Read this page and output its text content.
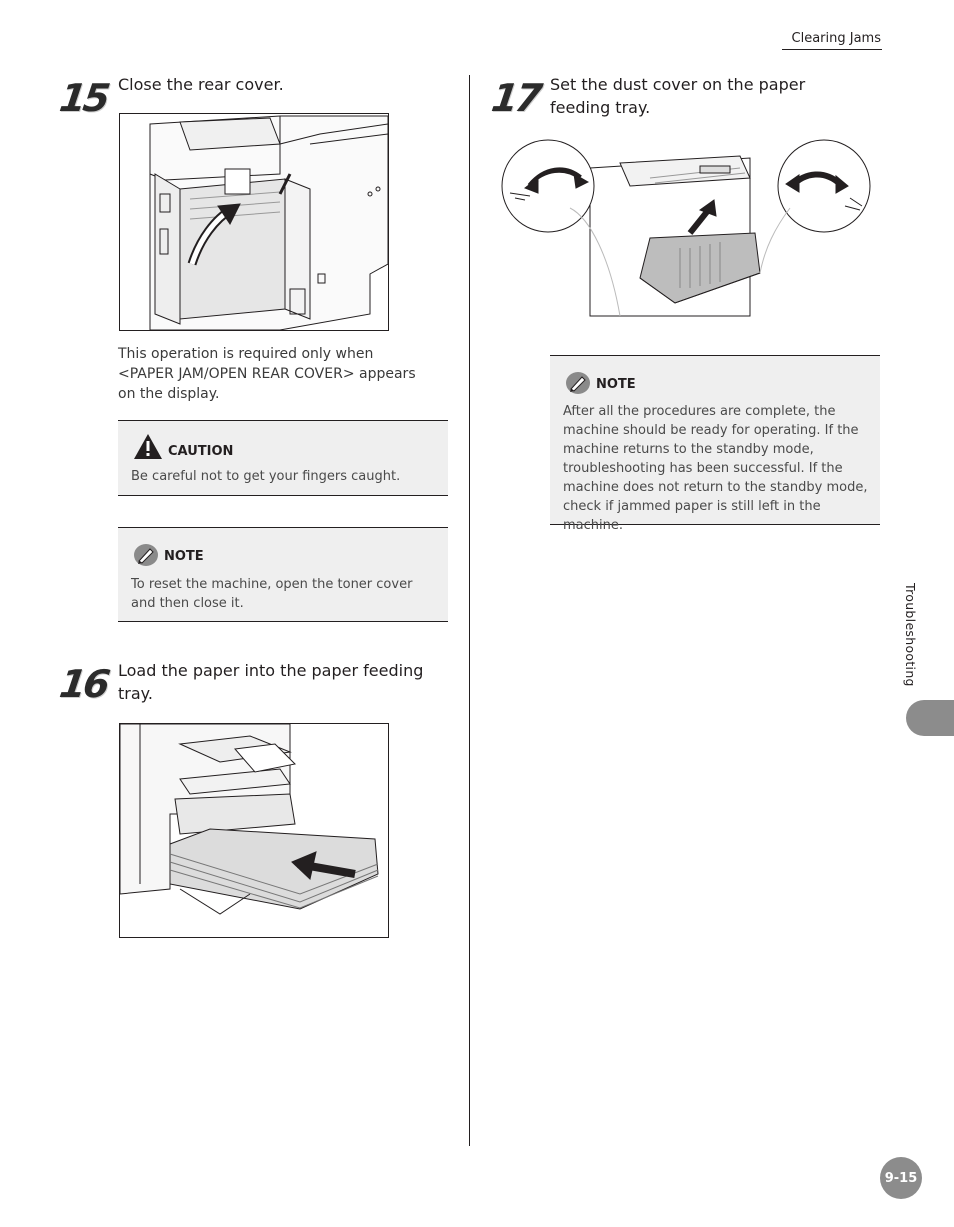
Clearing Jams
15 Close the rear cover.
This operation is required only when <PAPER JAM/OPEN REAR COVER> appears on the display.
CAUTION
Be careful not to get your fingers caught.
NOTE
To reset the machine, open the toner cover and then close it.
16 Load the paper into the paper feeding tray.
17 Set the dust cover on the paper feeding tray.
NOTE
After all the procedures are complete, the machine should be ready for operating. If the machine returns to the standby mode, troubleshooting has been successful. If the machine does not return to the standby mode, check if jammed paper is still left in the machine.
Troubleshooting
9-15
